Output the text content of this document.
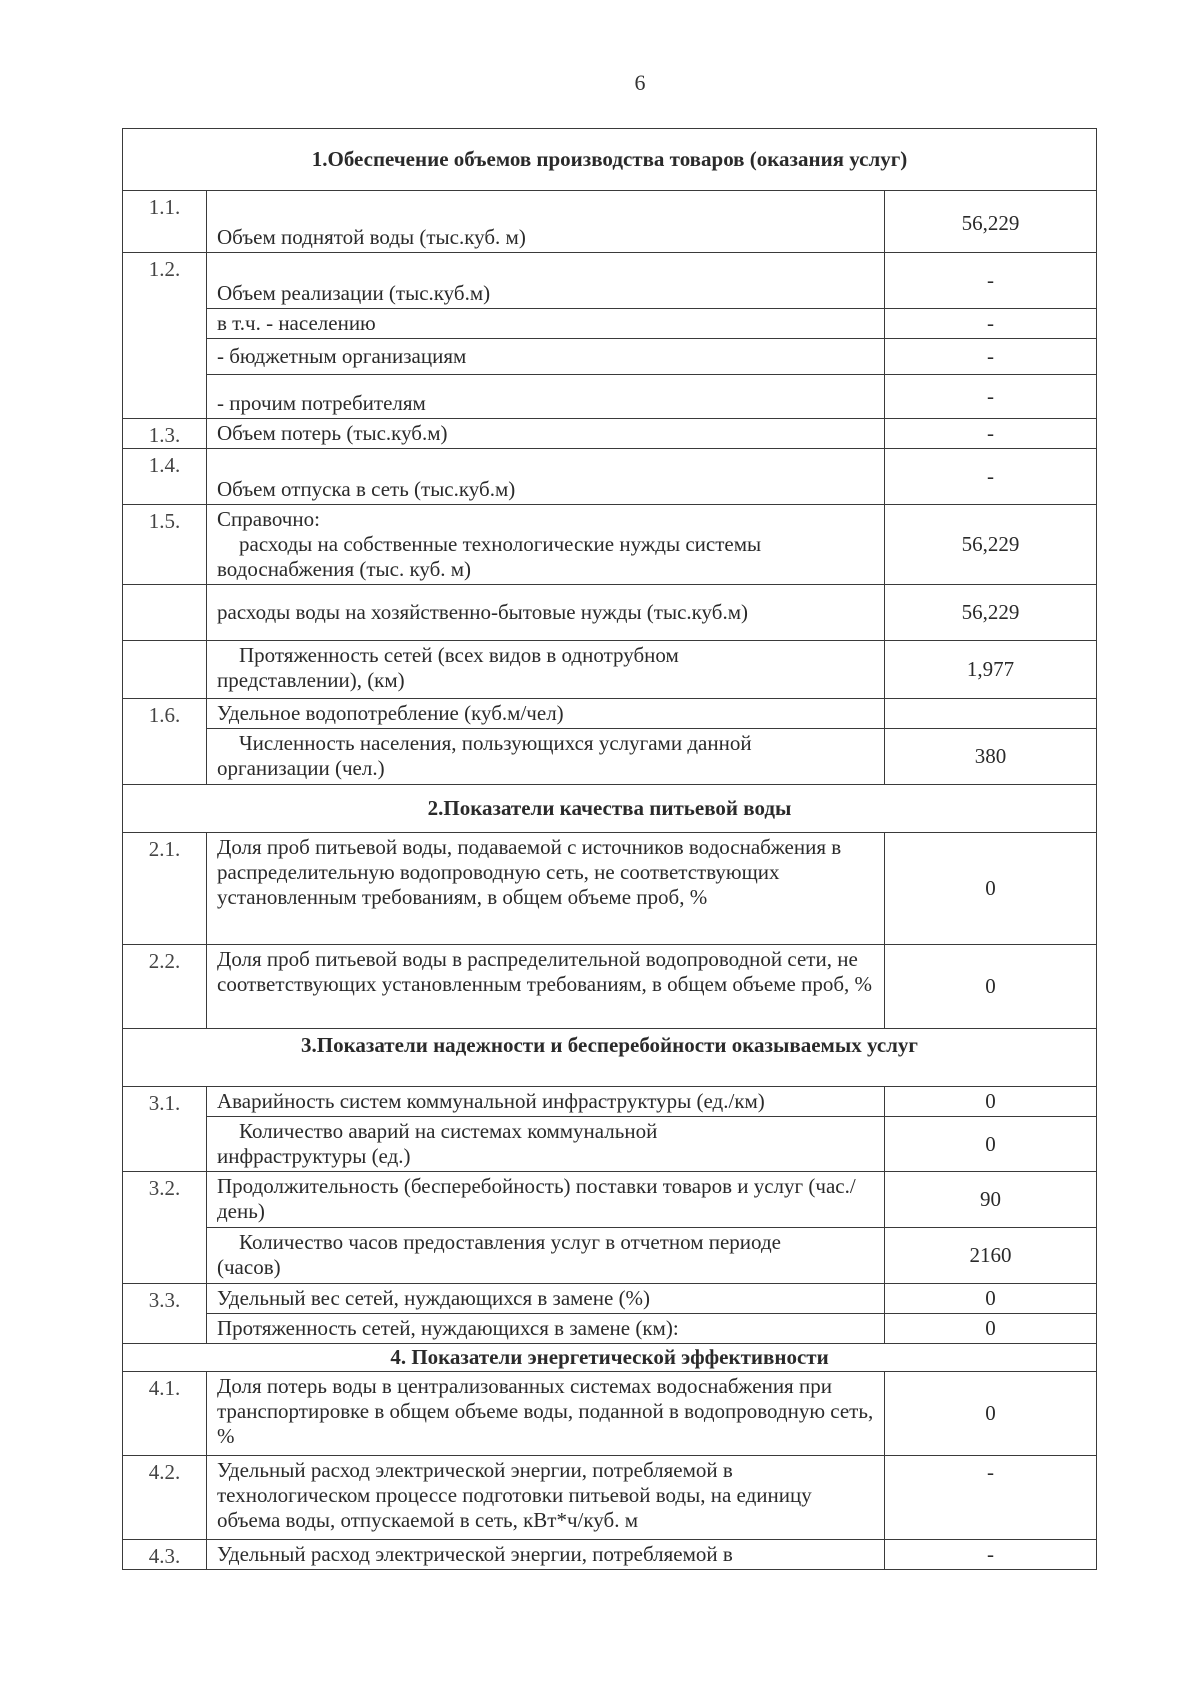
6
1.Обеспечение объемов производства товаров (оказания услуг)		
1.1.	Объем поднятой воды (тыс.куб. м)	56,229
1.2.	Объем реализации (тыс.куб.м)	-
	в т.ч. - населению	-
	- бюджетным организациям	-
	- прочим потребителям	-
1.3.	Объем потерь (тыс.куб.м)	-
1.4.	Объем отпуска в сеть (тыс.куб.м)	-
1.5.	Справочно:
расходы на собственные технологические нужды системы
водоснабжения (тыс. куб. м)	56,229
	расходы воды на хозяйственно-бытовые нужды (тыс.куб.м)	56,229

	Протяженность сетей (всех видов в однотрубном
представлении), (км)	1,977
1.6.	Удельное водопотребление (куб.м/чел)	

	Численность населения, пользующихся услугами данной
организации (чел.)	380
2.Показатели качества питьевой воды		
2.1.	Доля проб питьевой воды, подаваемой с источников водоснабжения в распределительную водопроводную сеть, не соответствующих установленным требованиям, в общем объеме проб, %	0
2.2.	Доля проб питьевой воды в распределительной водопроводной сети, не соответствующих установленным требованиям, в общем объеме проб, %	0
3.Показатели надежности и бесперебойности оказываемых услуг		
3.1.	Аварийность систем коммунальной инфраструктуры (ед./км)	0

	Количество аварий на системах коммунальной
инфраструктуры (ед.)	0
3.2.	Продолжительность (бесперебойность) поставки товаров и услуг (час./день)	90

	Количество часов предоставления услуг в отчетном периоде
(часов)	2160
3.3.	Удельный вес сетей, нуждающихся в замене (%)	0
	Протяженность сетей, нуждающихся в замене (км):	0
4. Показатели энергетической эффективности		
4.1.	Доля потерь воды в централизованных системах водоснабжения при транспортировке в общем объеме воды, поданной в водопроводную сеть, %	0
4.2.	Удельный расход электрической энергии, потребляемой в технологическом процессе подготовки питьевой воды, на единицу объема воды, отпускаемой в сеть, кВт*ч/куб. м	-
4.3.	Удельный расход электрической энергии, потребляемой в	-
